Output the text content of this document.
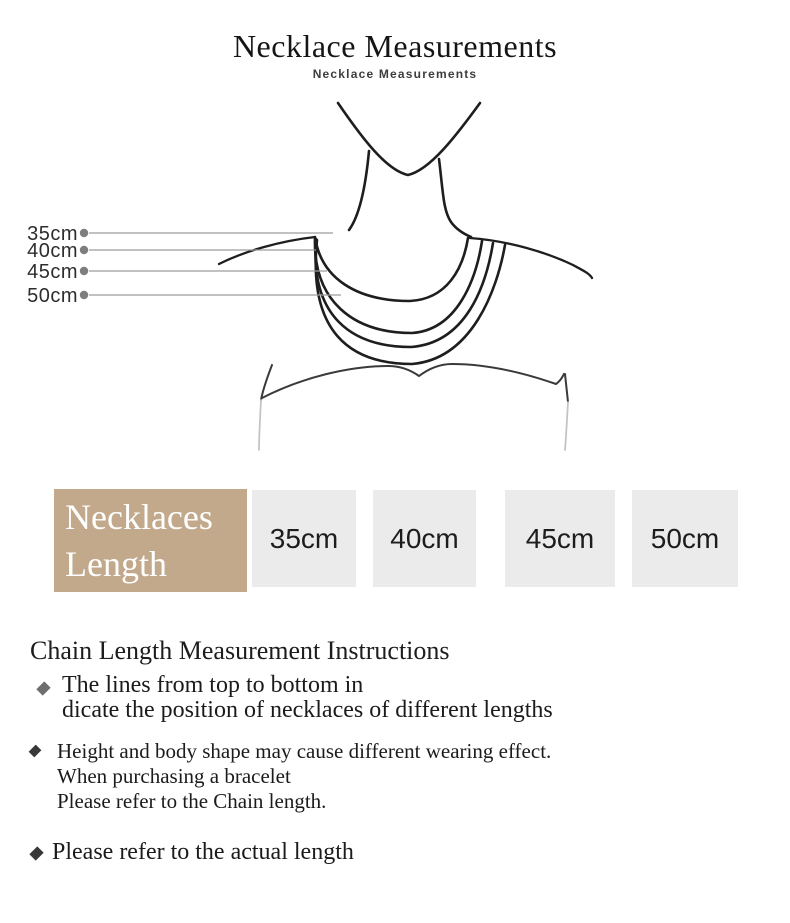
Necklace Measurements
Necklace Measurements
35cm
40cm
45cm
50cm
Necklaces Length
35cm	40cm	45cm	50cm
Chain Length Measurement Instructions
The lines from top to bottom in
dicate the position of necklaces of different lengths
Height and body shape may cause different wearing effect.
When purchasing a bracelet
Please refer to the Chain length.
Please refer to the actual length
